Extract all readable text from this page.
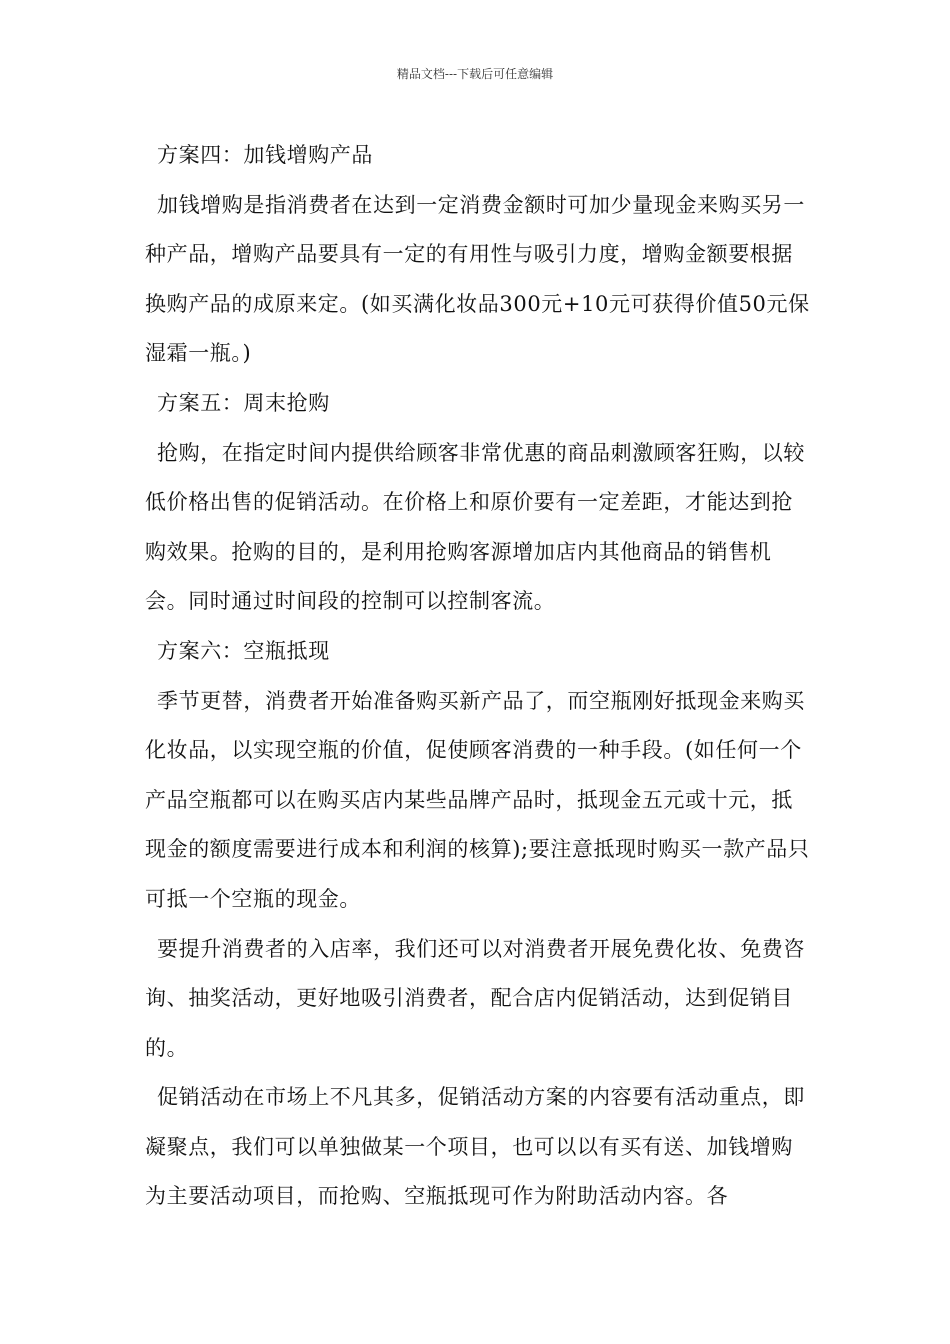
精品文档---下载后可任意编辑

方案四：加钱增购产品

加钱增购是指消费者在达到一定消费金额时可加少量现金来购买另一种产品，增购产品要具有一定的有用性与吸引力度，增购金额要根据换购产品的成原来定。(如买满化妆品300元+10元可获得价值50元保湿霜一瓶。)

方案五：周末抢购

抢购，在指定时间内提供给顾客非常优惠的商品刺激顾客狂购，以较低价格出售的促销活动。在价格上和原价要有一定差距，才能达到抢购效果。抢购的目的，是利用抢购客源增加店内其他商品的销售机会。同时通过时间段的控制可以控制客流。

方案六：空瓶抵现

季节更替，消费者开始准备购买新产品了，而空瓶刚好抵现金来购买化妆品，以实现空瓶的价值，促使顾客消费的一种手段。(如任何一个产品空瓶都可以在购买店内某些品牌产品时，抵现金五元或十元，抵现金的额度需要进行成本和利润的核算);要注意抵现时购买一款产品只可抵一个空瓶的现金。

要提升消费者的入店率，我们还可以对消费者开展免费化妆、免费咨询、抽奖活动，更好地吸引消费者，配合店内促销活动，达到促销目的。

促销活动在市场上不凡其多，促销活动方案的内容要有活动重点，即凝聚点，我们可以单独做某一个项目，也可以以有买有送、加钱增购为主要活动项目，而抢购、空瓶抵现可作为附助活动内容。各
